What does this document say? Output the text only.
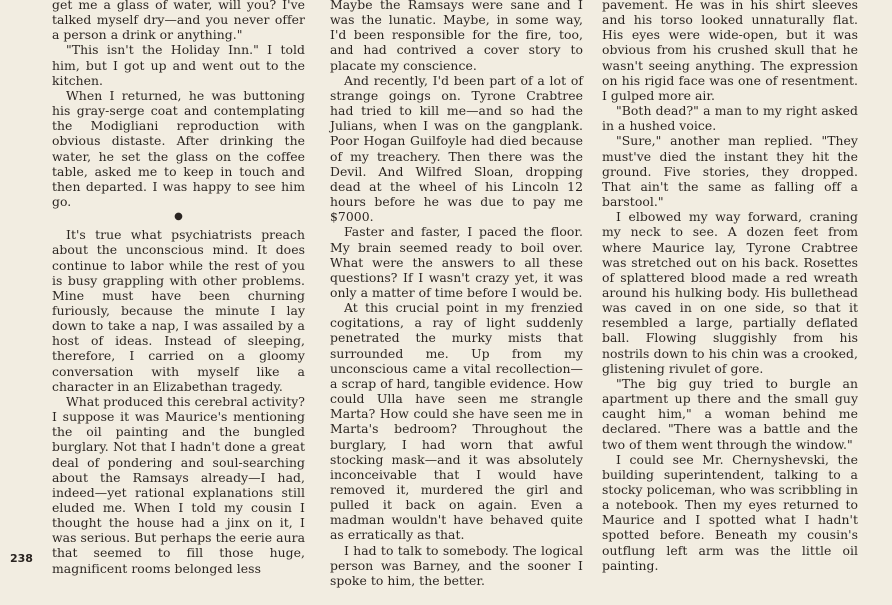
get me a glass of water, will you? I've talked myself dry—and you never offer a person a drink or anything."

"This isn't the Holiday Inn." I told him, but I got up and went out to the kitchen.

When I returned, he was buttoning his gray-serge coat and contemplating the Modigliani reproduction with obvious distaste. After drinking the water, he set the glass on the coffee table, asked me to keep in touch and then departed. I was happy to see him go.

●

It's true what psychiatrists preach about the unconscious mind. It does continue to labor while the rest of you is busy grappling with other problems. Mine must have been churning furiously, because the minute I lay down to take a nap, I was assailed by a host of ideas. Instead of sleeping, therefore, I carried on a gloomy conversation with myself like a character in an Elizabethan tragedy.

What produced this cerebral activity? I suppose it was Maurice's mentioning the oil painting and the bungled burglary. Not that I hadn't done a great deal of pondering and soul-searching about the Ramsays already—I had, indeed—yet rational explanations still eluded me. When I told my cousin I thought the house had a jinx on it, I was serious. But perhaps the eerie aura that seemed to fill those huge, magnificent rooms belonged less

Maybe the Ramsays were sane and I was the lunatic. Maybe, in some way, I'd been responsible for the fire, too, and had contrived a cover story to placate my conscience.

And recently, I'd been part of a lot of strange goings on. Tyrone Crabtree had tried to kill me—and so had the Julians, when I was on the gangplank. Poor Hogan Guilfoyle had died because of my treachery. Then there was the Devil. And Wilfred Sloan, dropping dead at the wheel of his Lincoln 12 hours before he was due to pay me $7000.

Faster and faster, I paced the floor. My brain seemed ready to boil over. What were the answers to all these questions? If I wasn't crazy yet, it was only a matter of time before I would be.

At this crucial point in my frenzied cogitations, a ray of light suddenly penetrated the murky mists that surrounded me. Up from my unconscious came a vital recollection—a scrap of hard, tangible evidence. How could Ulla have seen me strangle Marta? How could she have seen me in Marta's bedroom? Throughout the burglary, I had worn that awful stocking mask—and it was absolutely inconceivable that I would have removed it, murdered the girl and pulled it back on again. Even a madman wouldn't have behaved quite as erratically as that.

I had to talk to somebody. The logical person was Barney, and the sooner I spoke to him, the better.

pavement. He was in his shirt sleeves and his torso looked unnaturally flat. His eyes were wide-open, but it was obvious from his crushed skull that he wasn't seeing anything. The expression on his rigid face was one of resentment. I gulped more air.

"Both dead?" a man to my right asked in a hushed voice.

"Sure," another man replied. "They must've died the instant they hit the ground. Five stories, they dropped. That ain't the same as falling off a barstool."

I elbowed my way forward, craning my neck to see. A dozen feet from where Maurice lay, Tyrone Crabtree was stretched out on his back. Rosettes of splattered blood made a red wreath around his hulking body. His bullethead was caved in on one side, so that it resembled a large, partially deflated ball. Flowing sluggishly from his nostrils down to his chin was a crooked, glistening rivulet of gore.

"The big guy tried to burgle an apartment up there and the small guy caught him," a woman behind me declared. "There was a battle and the two of them went through the window."

I could see Mr. Chernyshevski, the building superintendent, talking to a stocky policeman, who was scribbling in a notebook. Then my eyes returned to Maurice and I spotted what I hadn't spotted before. Beneath my cousin's outflung left arm was the little oil painting.

238
